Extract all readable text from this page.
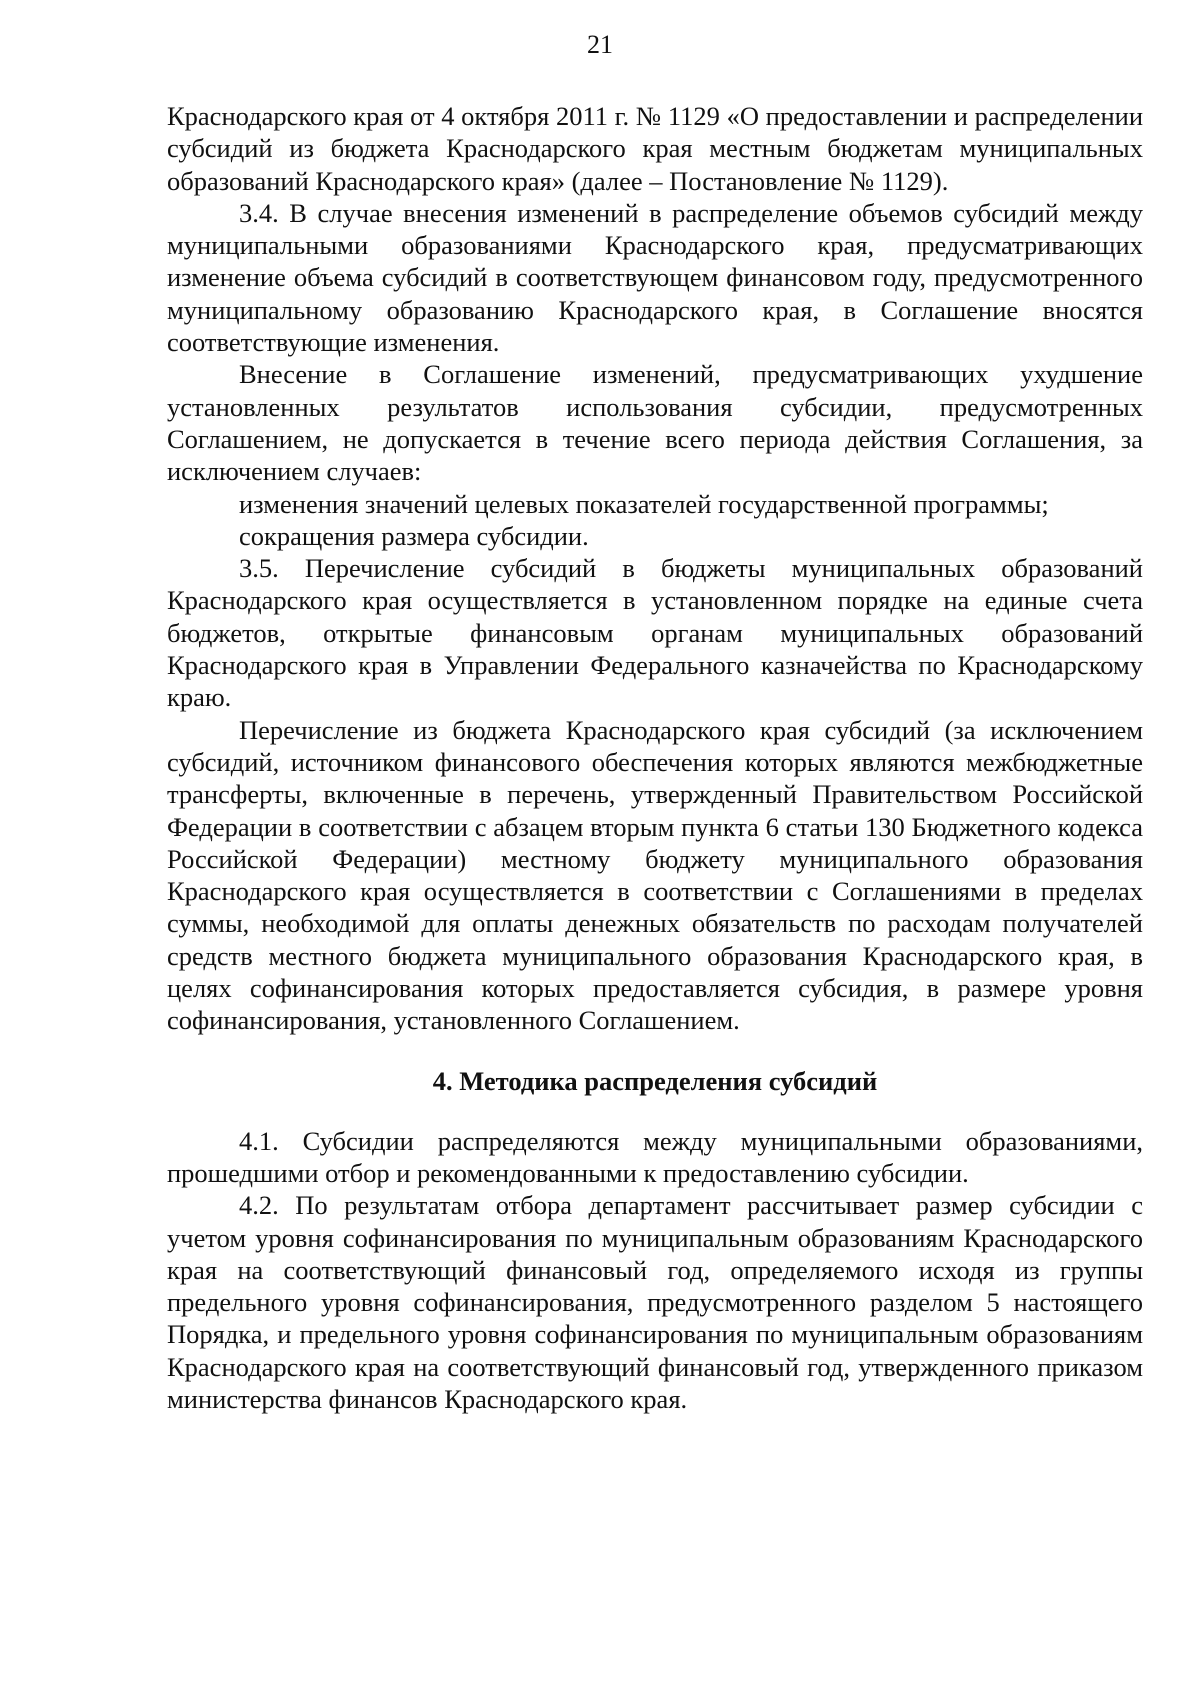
21

Краснодарского края от 4 октября 2011 г. № 1129 «О предоставлении и распределении субсидий из бюджета Краснодарского края местным бюджетам муниципальных образований Краснодарского края» (далее – Постановление № 1129).

3.4. В случае внесения изменений в распределение объемов субсидий между муниципальными образованиями Краснодарского края, предусматривающих изменение объема субсидий в соответствующем финансовом году, предусмотренного муниципальному образованию Краснодарского края, в Соглашение вносятся соответствующие изменения.

Внесение в Соглашение изменений, предусматривающих ухудшение установленных результатов использования субсидии, предусмотренных Соглашением, не допускается в течение всего периода действия Соглашения, за исключением случаев:

изменения значений целевых показателей государственной программы;

сокращения размера субсидии.

3.5. Перечисление субсидий в бюджеты муниципальных образований Краснодарского края осуществляется в установленном порядке на единые счета бюджетов, открытые финансовым органам муниципальных образований Краснодарского края в Управлении Федерального казначейства по Краснодарскому краю.

Перечисление из бюджета Краснодарского края субсидий (за исключением субсидий, источником финансового обеспечения которых являются межбюджетные трансферты, включенные в перечень, утвержденный Правительством Российской Федерации в соответствии с абзацем вторым пункта 6 статьи 130 Бюджетного кодекса Российской Федерации) местному бюджету муниципального образования Краснодарского края осуществляется в соответствии с Соглашениями в пределах суммы, необходимой для оплаты денежных обязательств по расходам получателей средств местного бюджета муниципального образования Краснодарского края, в целях софинансирования которых предоставляется субсидия, в размере уровня софинансирования, установленного Соглашением.

4. Методика распределения субсидий

4.1. Субсидии распределяются между муниципальными образованиями, прошедшими отбор и рекомендованными к предоставлению субсидии.

4.2. По результатам отбора департамент рассчитывает размер субсидии с учетом уровня софинансирования по муниципальным образованиям Краснодарского края на соответствующий финансовый год, определяемого исходя из группы предельного уровня софинансирования, предусмотренного разделом 5 настоящего Порядка, и предельного уровня софинансирования по муниципальным образованиям Краснодарского края на соответствующий финансовый год, утвержденного приказом министерства финансов Краснодарского края.
